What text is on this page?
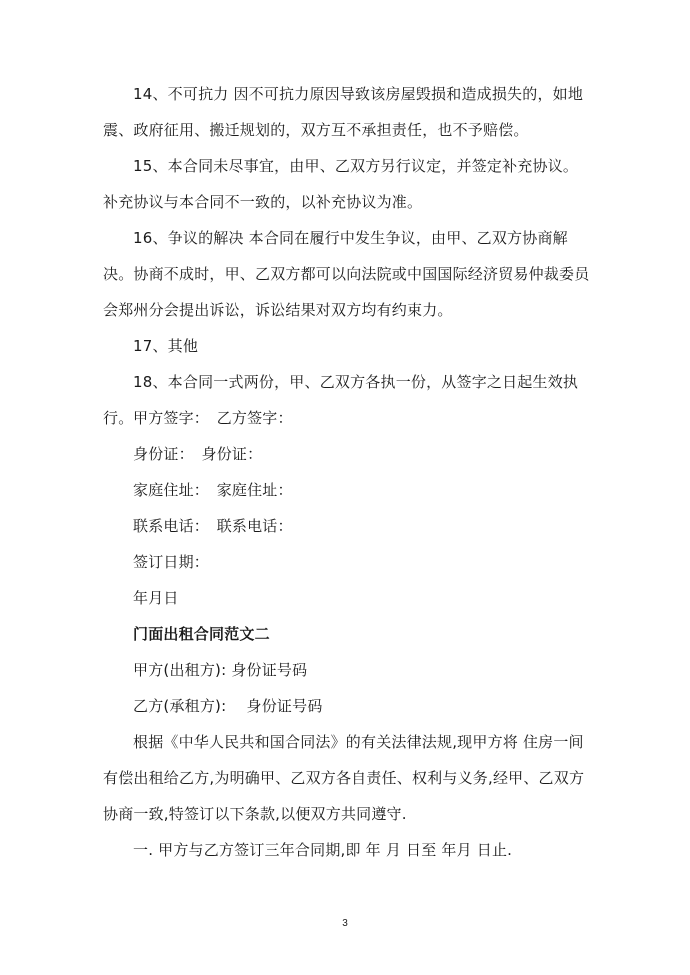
14、不可抗力 因不可抗力原因导致该房屋毁损和造成损失的，如地震、政府征用、搬迁规划的，双方互不承担责任，也不予赔偿。

15、本合同未尽事宜，由甲、乙双方另行议定，并签定补充协议。补充协议与本合同不一致的，以补充协议为准。

16、争议的解决 本合同在履行中发生争议，由甲、乙双方协商解决。协商不成时，甲、乙双方都可以向法院或中国国际经济贸易仲裁委员会郑州分会提出诉讼，诉讼结果对双方均有约束力。

17、其他

18、本合同一式两份，甲、乙双方各执一份，从签字之日起生效执行。 甲方签字：　乙方签字：

身份证：　身份证：

家庭住址：　家庭住址：

联系电话：　联系电话：

签订日期：

年月日

门面出租合同范文二

甲方(出租方): 身份证号码

乙方(承租方):　 身份证号码

根据《中华人民共和国合同法》的有关法律法规,现甲方将 住房一间有偿出租给乙方,为明确甲、乙双方各自责任、权利与义务,经甲、乙双方协商一致,特签订以下条款,以便双方共同遵守.

一. 甲方与乙方签订三年合同期,即 年 月 日至 年月 日止.

3
